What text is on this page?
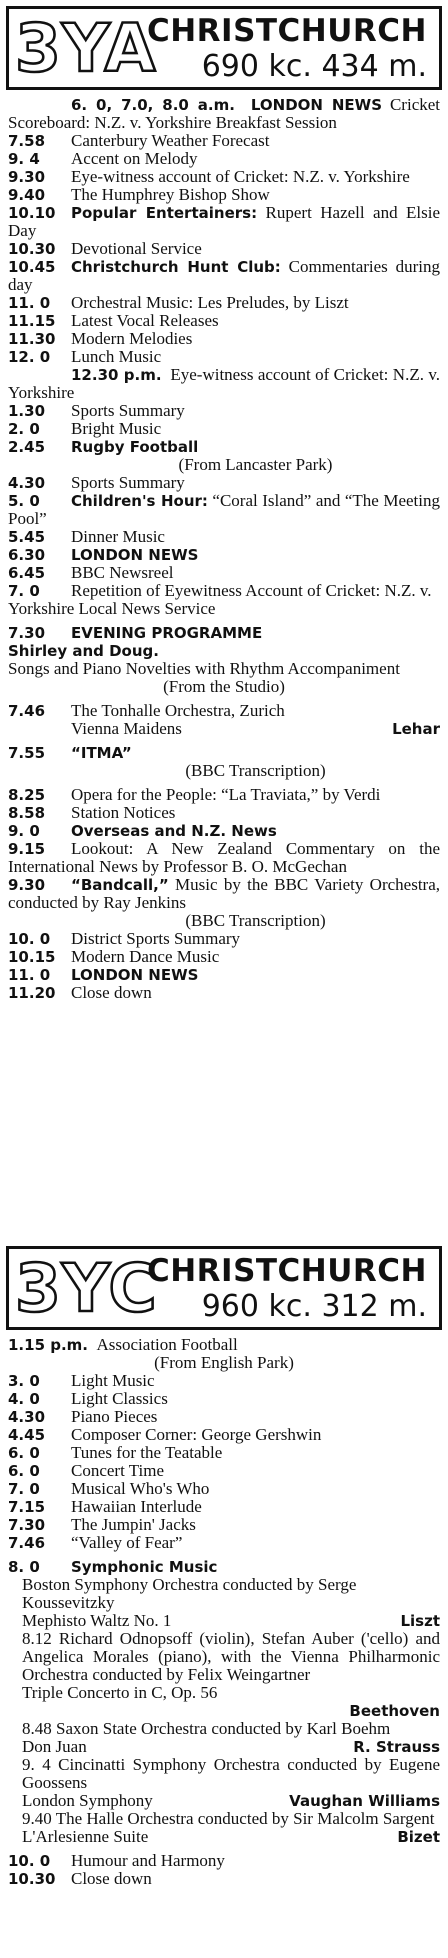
3YA
CHRISTCHURCH
690 kc. 434 m.
6. 0, 7.0, 8.0 a.m. LONDON NEWS Cricket Scoreboard: N.Z. v. Yorkshire Breakfast Session
7.58	Canterbury Weather Forecast
9. 4	Accent on Melody
9.30	Eye-witness account of Cricket: N.Z. v. Yorkshire
9.40	The Humphrey Bishop Show
10.10	Popular Entertainers: Rupert Hazell and Elsie Day
10.30 Devotional Service
10.45	Christchurch Hunt Club: Commentaries during day
11. 0	Orchestral Music: Les Preludes, by Liszt
11.15 Latest Vocal Releases
11.30 Modern Melodies
12. 0	Lunch Music
12.30 p.m. Eye-witness account of Cricket: N.Z. v. Yorkshire
1.30	Sports Summary
2. 0	Bright Music
2.45	Rugby Football
(From Lancaster Park)
4.30	Sports Summary
5. 0	Children's Hour: “Coral Island” and “The Meeting Pool”
5.45	Dinner Music
6.30	LONDON NEWS
6.45	BBC Newsreel
7. 0	Repetition of Eyewitness Account of Cricket: N.Z. v. Yorkshire Local News Service
7.30	EVENING PROGRAMME
Shirley and Doug.
Songs and Piano Novelties with Rhythm Accompaniment
(From the Studio)
7.46	The Tonhalle Orchestra, Zurich
Vienna Maidens	Lehar
7.55	“ITMA”
(BBC Transcription)
8.25	Opera for the People: “La Traviata,” by Verdi
8.58	Station Notices
9. 0	Overseas and N.Z. News
9.15	Lookout: A New Zealand Commentary on the International News by Professor B. O. McGechan
9.30	“Bandcall,” Music by the BBC Variety Orchestra, conducted by Ray Jenkins
(BBC Transcription)
10. 0	District Sports Summary
10.15 Modern Dance Music
11. 0	LONDON NEWS
11.20 Close down
3YC
CHRISTCHURCH
960 kc. 312 m.
1.15 p.m. Association Football
(From English Park)
3. 0	Light Music
4. 0	Light Classics
4.30	Piano Pieces
4.45	Composer Corner: George Gershwin
6. 0	Tunes for the Teatable
6. 0	Concert Time
7. 0	Musical Who's Who
7.15	Hawaiian Interlude
7.30	The Jumpin' Jacks
7.46	“Valley of Fear”
8. 0	Symphonic Music
Boston Symphony Orchestra conducted by Serge Koussevitzky
Mephisto Waltz No. 1	Liszt
8.12 Richard Odnopsoff (violin), Stefan Auber ('cello) and Angelica Morales (piano), with the Vienna Philharmonic Orchestra conducted by Felix Weingartner
Triple Concerto in C, Op. 56
Beethoven
8.48 Saxon State Orchestra conducted by Karl Boehm
Don Juan	R. Strauss
9. 4 Cincinatti Symphony Orchestra conducted by Eugene Goossens
London Symphony	Vaughan Williams
9.40 The Halle Orchestra conducted by Sir Malcolm Sargent
L'Arlesienne Suite	Bizet
10. 0	Humour and Harmony
10.30 Close down
